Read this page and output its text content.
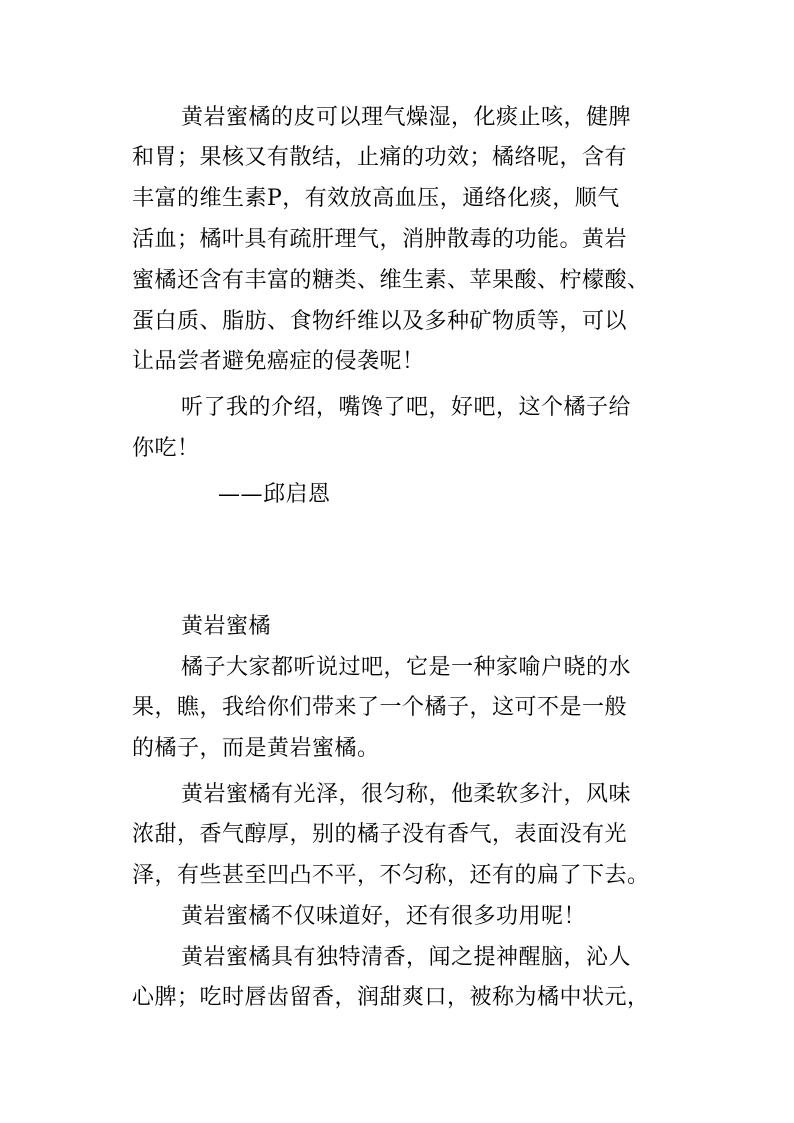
黄岩蜜橘的皮可以理气燥湿，化痰止咳，健脾
和胃；果核又有散结，止痛的功效；橘络呢，含有
丰富的维生素P，有效放高血压，通络化痰，顺气
活血；橘叶具有疏肝理气，消肿散毒的功能。黄岩
蜜橘还含有丰富的糖类、维生素、苹果酸、柠檬酸、
蛋白质、脂肪、食物纤维以及多种矿物质等，可以
让品尝者避免癌症的侵袭呢！
听了我的介绍，嘴馋了吧，好吧，这个橘子给
你吃！
——邱启恩
黄岩蜜橘
橘子大家都听说过吧，它是一种家喻户晓的水
果，瞧，我给你们带来了一个橘子，这可不是一般
的橘子，而是黄岩蜜橘。
黄岩蜜橘有光泽，很匀称，他柔软多汁，风味
浓甜，香气醇厚，别的橘子没有香气，表面没有光
泽，有些甚至凹凸不平，不匀称，还有的扁了下去。
黄岩蜜橘不仅味道好，还有很多功用呢！
黄岩蜜橘具有独特清香，闻之提神醒脑，沁人
心脾；吃时唇齿留香，润甜爽口，被称为橘中状元，
